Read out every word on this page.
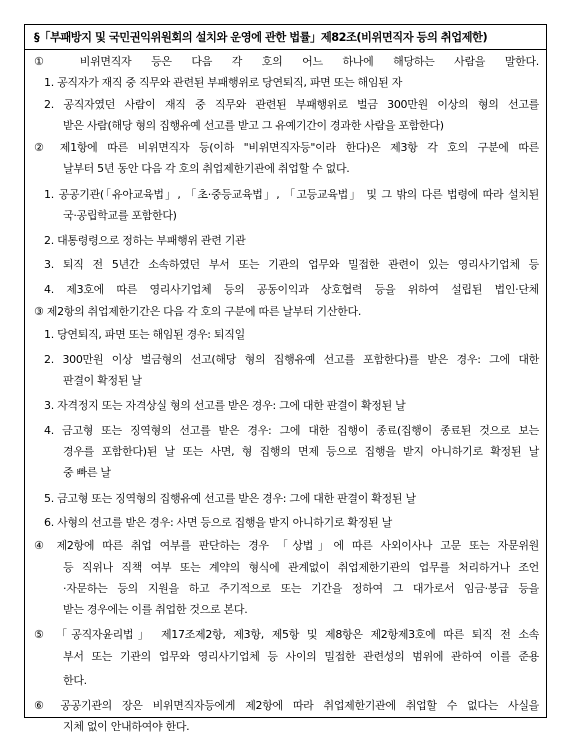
§「부패방지 및 국민권익위원회의 설치와 운영에 관한 법률」제82조(비위면직자 등의 취업제한)
① 비위면직자 등은 다음 각 호의 어느 하나에 해당하는 사람을 말한다.
1. 공직자가 재직 중 직무와 관련된 부패행위로 당연퇴직, 파면 또는 해임된 자
2. 공직자였던 사람이 재직 중 직무와 관련된 부패행위로 벌금 300만원 이상의 형의 선고를
받은 사람(해당 형의 집행유예 선고를 받고 그 유예기간이 경과한 사람을 포함한다)
② 제1항에 따른 비위면직자 등(이하 "비위면직자등"이라 한다)은 제3항 각 호의 구분에 따른
날부터 5년 동안 다음 각 호의 취업제한기관에 취업할 수 없다.
1. 공공기관(「유아교육법」, 「초·중등교육법」, 「고등교육법」 및 그 밖의 다른 법령에 따라 설치된
국·공립학교를 포함한다)
2. 대통령령으로 정하는 부패행위 관련 기관
3. 퇴직 전 5년간 소속하였던 부서 또는 기관의 업무와 밀접한 관련이 있는 영리사기업체 등
4. 제3호에 따른 영리사기업체 등의 공동이익과 상호협력 등을 위하여 설립된 법인·단체
③ 제2항의 취업제한기간은 다음 각 호의 구분에 따른 날부터 기산한다.
1. 당연퇴직, 파면 또는 해임된 경우: 퇴직일
2. 300만원 이상 벌금형의 선고(해당 형의 집행유예 선고를 포함한다)를 받은 경우: 그에 대한
판결이 확정된 날
3. 자격정지 또는 자격상실 형의 선고를 받은 경우: 그에 대한 판결이 확정된 날
4. 금고형 또는 징역형의 선고를 받은 경우: 그에 대한 집행이 종료(집행이 종료된 것으로 보는
경우를 포함한다)된 날 또는 사면, 형 집행의 면제 등으로 집행을 받지 아니하기로 확정된 날
중 빠른 날
5. 금고형 또는 징역형의 집행유예 선고를 받은 경우: 그에 대한 판결이 확정된 날
6. 사형의 선고를 받은 경우: 사면 등으로 집행을 받지 아니하기로 확정된 날
④ 제2항에 따른 취업 여부를 판단하는 경우 「상법」에 따른 사외이사나 고문 또는 자문위원
등 직위나 직책 여부 또는 계약의 형식에 관계없이 취업제한기관의 업무를 처리하거나 조언
·자문하는 등의 지원을 하고 주기적으로 또는 기간을 정하여 그 대가로서 임금·봉급 등을
받는 경우에는 이를 취업한 것으로 본다.
⑤ 「공직자윤리법」 제17조제2항, 제3항, 제5항 및 제8항은 제2항제3호에 따른 퇴직 전 소속
부서 또는 기관의 업무와 영리사기업체 등 사이의 밀접한 관련성의 범위에 관하여 이를 준용
한다.
⑥ 공공기관의 장은 비위면직자등에게 제2항에 따라 취업제한기관에 취업할 수 없다는 사실을
지체 없이 안내하여야 한다.
